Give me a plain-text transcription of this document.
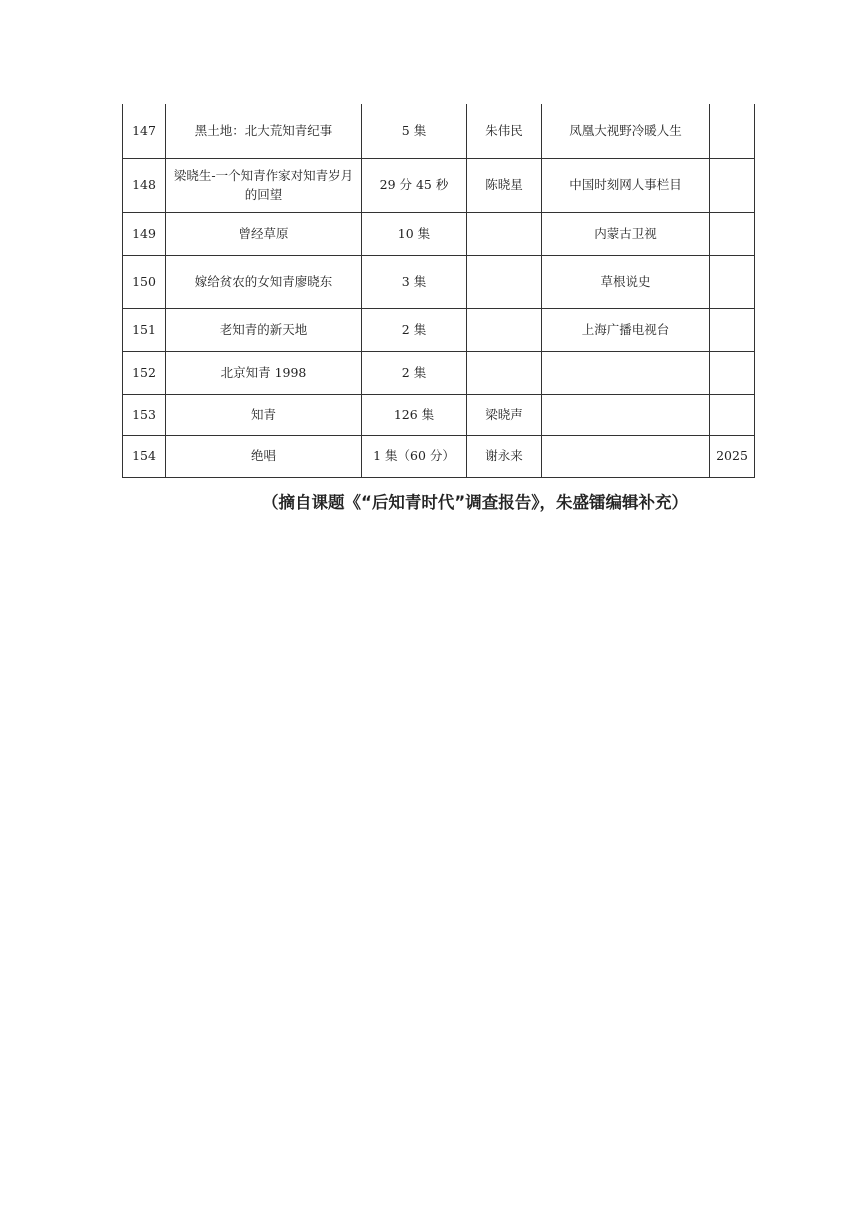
147	黑土地：北大荒知青纪事	5 集	朱伟民	凤凰大视野冷暖人生	
148	梁晓生-一个知青作家对知青岁月的回望	29 分 45 秒	陈晓星	中国时刻网人事栏目	
149	曾经草原	10 集		内蒙古卫视	
150	嫁给贫农的女知青廖晓东	3 集		草根说史	
151	老知青的新天地	2 集		上海广播电视台	
152	北京知青 1998	2 集			
153	知青	126 集	梁晓声		
154	绝唱	1 集（60 分）	谢永来		2025
（摘自课题《“后知青时代”调查报告》，朱盛镭编辑补充）
